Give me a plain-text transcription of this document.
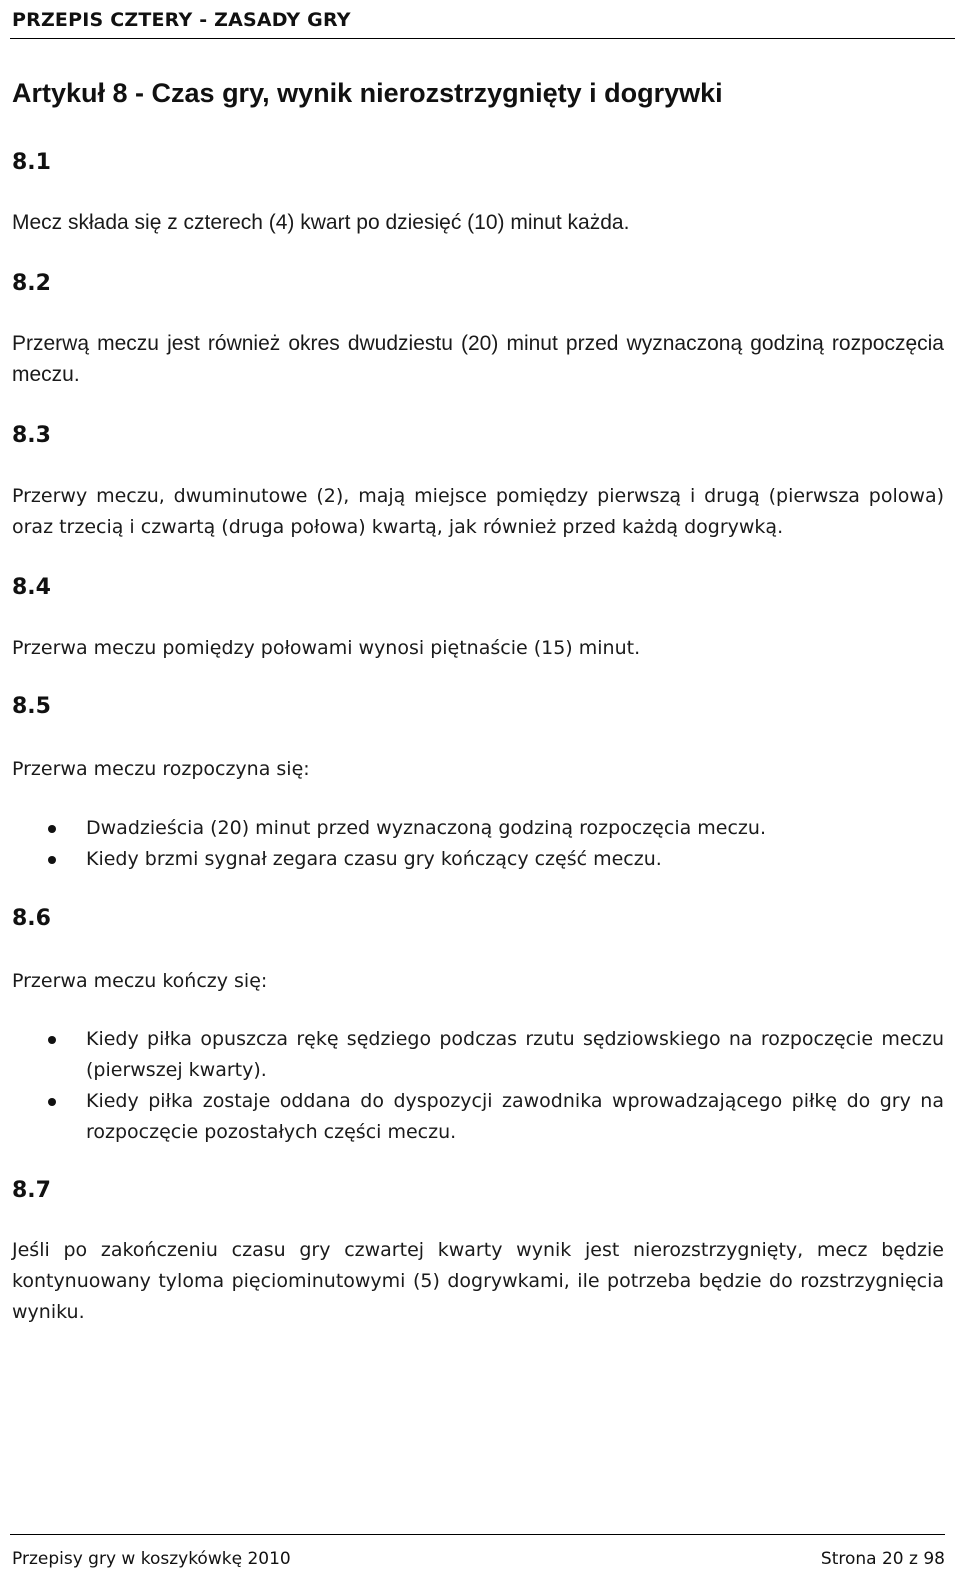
PRZEPIS CZTERY - ZASADY GRY
Artykuł 8 - Czas gry, wynik nierozstrzygnięty i dogrywki
8.1
Mecz składa się z czterech (4) kwart po dziesięć (10) minut każda.
8.2
Przerwą meczu jest również okres dwudziestu (20) minut przed wyznaczoną godziną rozpoczęcia meczu.
8.3
Przerwy meczu, dwuminutowe (2), mają miejsce pomiędzy pierwszą i drugą (pierwsza polowa) oraz trzecią i czwartą (druga połowa) kwartą, jak również przed każdą dogrywką.
8.4
Przerwa meczu pomiędzy połowami wynosi piętnaście (15) minut.
8.5
Przerwa meczu rozpoczyna się:
Dwadzieścia (20) minut przed wyznaczoną godziną rozpoczęcia meczu.
Kiedy brzmi sygnał zegara czasu gry kończący część meczu.
8.6
Przerwa meczu kończy się:
Kiedy piłka opuszcza rękę sędziego podczas rzutu sędziowskiego na rozpoczęcie meczu (pierwszej kwarty).
Kiedy piłka zostaje oddana do dyspozycji zawodnika wprowadzającego piłkę do gry na rozpoczęcie pozostałych części meczu.
8.7
Jeśli po zakończeniu czasu gry czwartej kwarty wynik jest nierozstrzygnięty, mecz będzie kontynuowany tyloma pięciominutowymi (5) dogrywkami, ile potrzeba będzie do rozstrzygnięcia wyniku.
Przepisy gry w koszykówkę 2010	Strona 20 z 98
